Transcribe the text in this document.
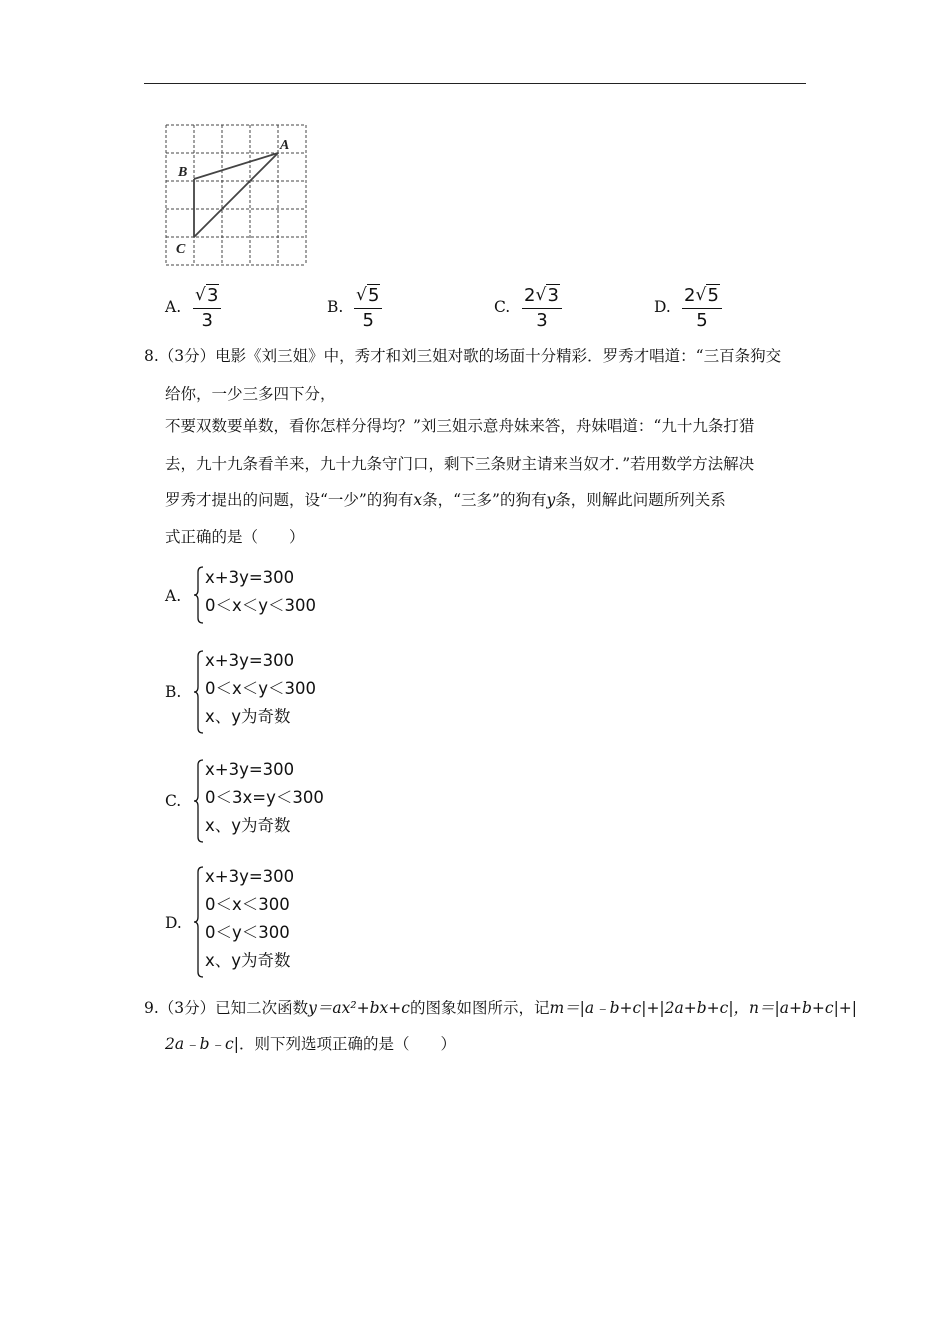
A
B
C
A.
√ 3
3
B.
√ 5
5
C.
2 √ 3
3
D.
2 √ 5
5
8.（3分）电影《刘三姐》中，秀才和刘三姐对歌的场面十分精彩．罗秀才唱道：“三百条狗交
给你，一少三多四下分，
不要双数要单数，看你怎样分得均？”刘三姐示意舟妹来答，舟妹唱道：“九十九条打猎
去，九十九条看羊来，九十九条守门口，剩下三条财主请来当奴才．”若用数学方法解决
罗秀才提出的问题，设“一少”的狗有x条，“三多”的狗有y条，则解此问题所列关系
式正确的是（　　）
A.
x+3y=300
0＜x＜y＜300
B.
x+3y=300
0＜x＜y＜300
x、y为奇数
C.
x+3y=300
0＜3x=y＜300
x、y为奇数
D.
x+3y=300
0＜x＜300
0＜y＜300
x、y为奇数
9.（3分）已知二次函数y＝ax²+bx+c的图象如图所示，记m＝|a﹣b+c|+|2a+b+c|，n＝|a+b+c|+|
2a﹣b﹣c|．则下列选项正确的是（　　）
